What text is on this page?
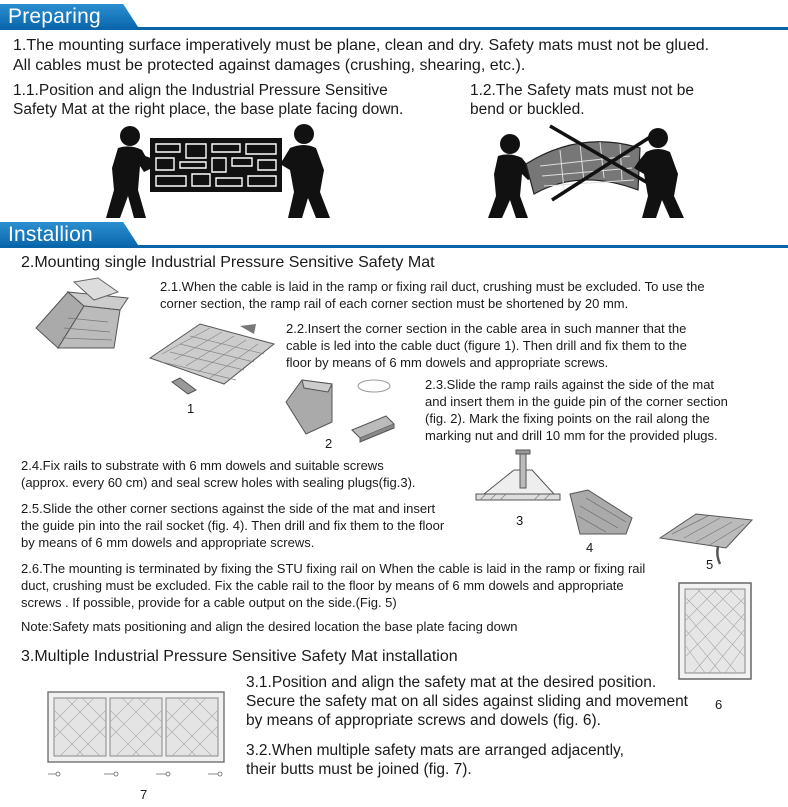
Preparing
1.The mounting surface imperatively must be plane, clean and dry. Safety mats must not be glued.
All cables must be protected against damages (crushing, shearing, etc.).
1.1.Position and align the Industrial Pressure Sensitive
Safety Mat at the right place, the base plate facing down.
1.2.The Safety mats must not be
bend or buckled.
Installion
2.Mounting single Industrial Pressure Sensitive Safety Mat
2.1.When the cable is laid in the ramp or fixing rail duct, crushing must be excluded. To use the
corner section, the ramp rail of each corner section must be shortened by 20 mm.
2.2.Insert the corner section in the cable area in such manner that the
cable is led into the cable duct (figure 1). Then drill and fix them to the
floor by means of 6 mm dowels and appropriate screws.
1
2.3.Slide the ramp rails against the side of the mat
and insert them in the guide pin of the corner section
(fig. 2). Mark the fixing points on the rail along the
marking nut and drill 10 mm for the provided plugs.
2
2.4.Fix rails to substrate with 6 mm dowels and suitable screws
(approx. every 60 cm) and seal screw holes with sealing plugs(fig.3).
3
2.5.Slide the other corner sections against the side of the mat and insert
the guide pin into the rail socket (fig. 4). Then drill and fix them to the floor
by means of 6 mm dowels and appropriate screws.	4
5
2.6.The mounting is terminated by fixing the STU fixing rail on When the cable is laid in the ramp or fixing rail
duct, crushing must be excluded. Fix the cable rail to the floor by means of 6 mm dowels and appropriate
screws . If possible, provide for a cable output on the side.(Fig. 5)
Note:Safety mats positioning and align the desired location the base plate facing down
6
3.Multiple Industrial Pressure Sensitive Safety Mat installation
3.1.Position and align the safety mat at the desired position.
Secure the safety mat on all sides against sliding and movement
by means of appropriate screws and dowels (fig. 6).
3.2.When multiple safety mats are arranged adjacently,
their butts must be joined (fig. 7).
7
